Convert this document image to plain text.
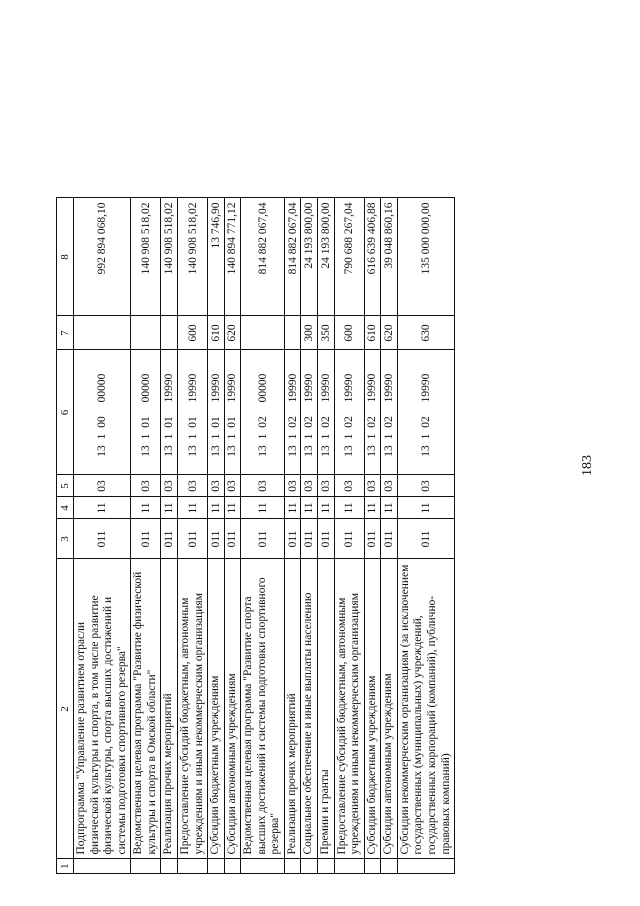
183
1	2	3	4	5	6	7	8
	Подпрограмма "Управление развитием отрасли физической культуры и спорта, в том числе развитие физической культуры, спорта высших достижений и системы подготовки спортивного резерва"	011	11	03	1310000000		992 894 068,10
	Ведомственная целевая программа "Развитие физической культуры и спорта в Омской области"	011	11	03	1310100000		140 908 518,02
	Реализация прочих мероприятий	011	11	03	1310119990		140 908 518,02
	Предоставление субсидий бюджетным, автономным учреждениям и иным некоммерческим организациям	011	11	03	1310119990	600	140 908 518,02
	Субсидии бюджетным учреждениям	011	11	03	1310119990	610	13 746,90
	Субсидии автономным учреждениям	011	11	03	1310119990	620	140 894 771,12
	Ведомственная целевая программа "Развитие спорта высших достижений и системы подготовки спортивного резерва"	011	11	03	1310200000		814 882 067,04
	Реализация прочих мероприятий	011	11	03	1310219990		814 882 067,04
	Социальное обеспечение и иные выплаты населению	011	11	03	1310219990	300	24 193 800,00
	Премии и гранты	011	11	03	1310219990	350	24 193 800,00
	Предоставление субсидий бюджетным, автономным учреждениям и иным некоммерческим организациям	011	11	03	1310219990	600	790 688 267,04
	Субсидии бюджетным учреждениям	011	11	03	1310219990	610	616 639 406,88
	Субсидии автономным учреждениям	011	11	03	1310219990	620	39 048 860,16
	Субсидии некоммерческим организациям (за исключением государственных (муниципальных) учреждений, государственных корпораций (компаний), публично-правовых компаний)	011	11	03	1310219990	630	135 000 000,00
